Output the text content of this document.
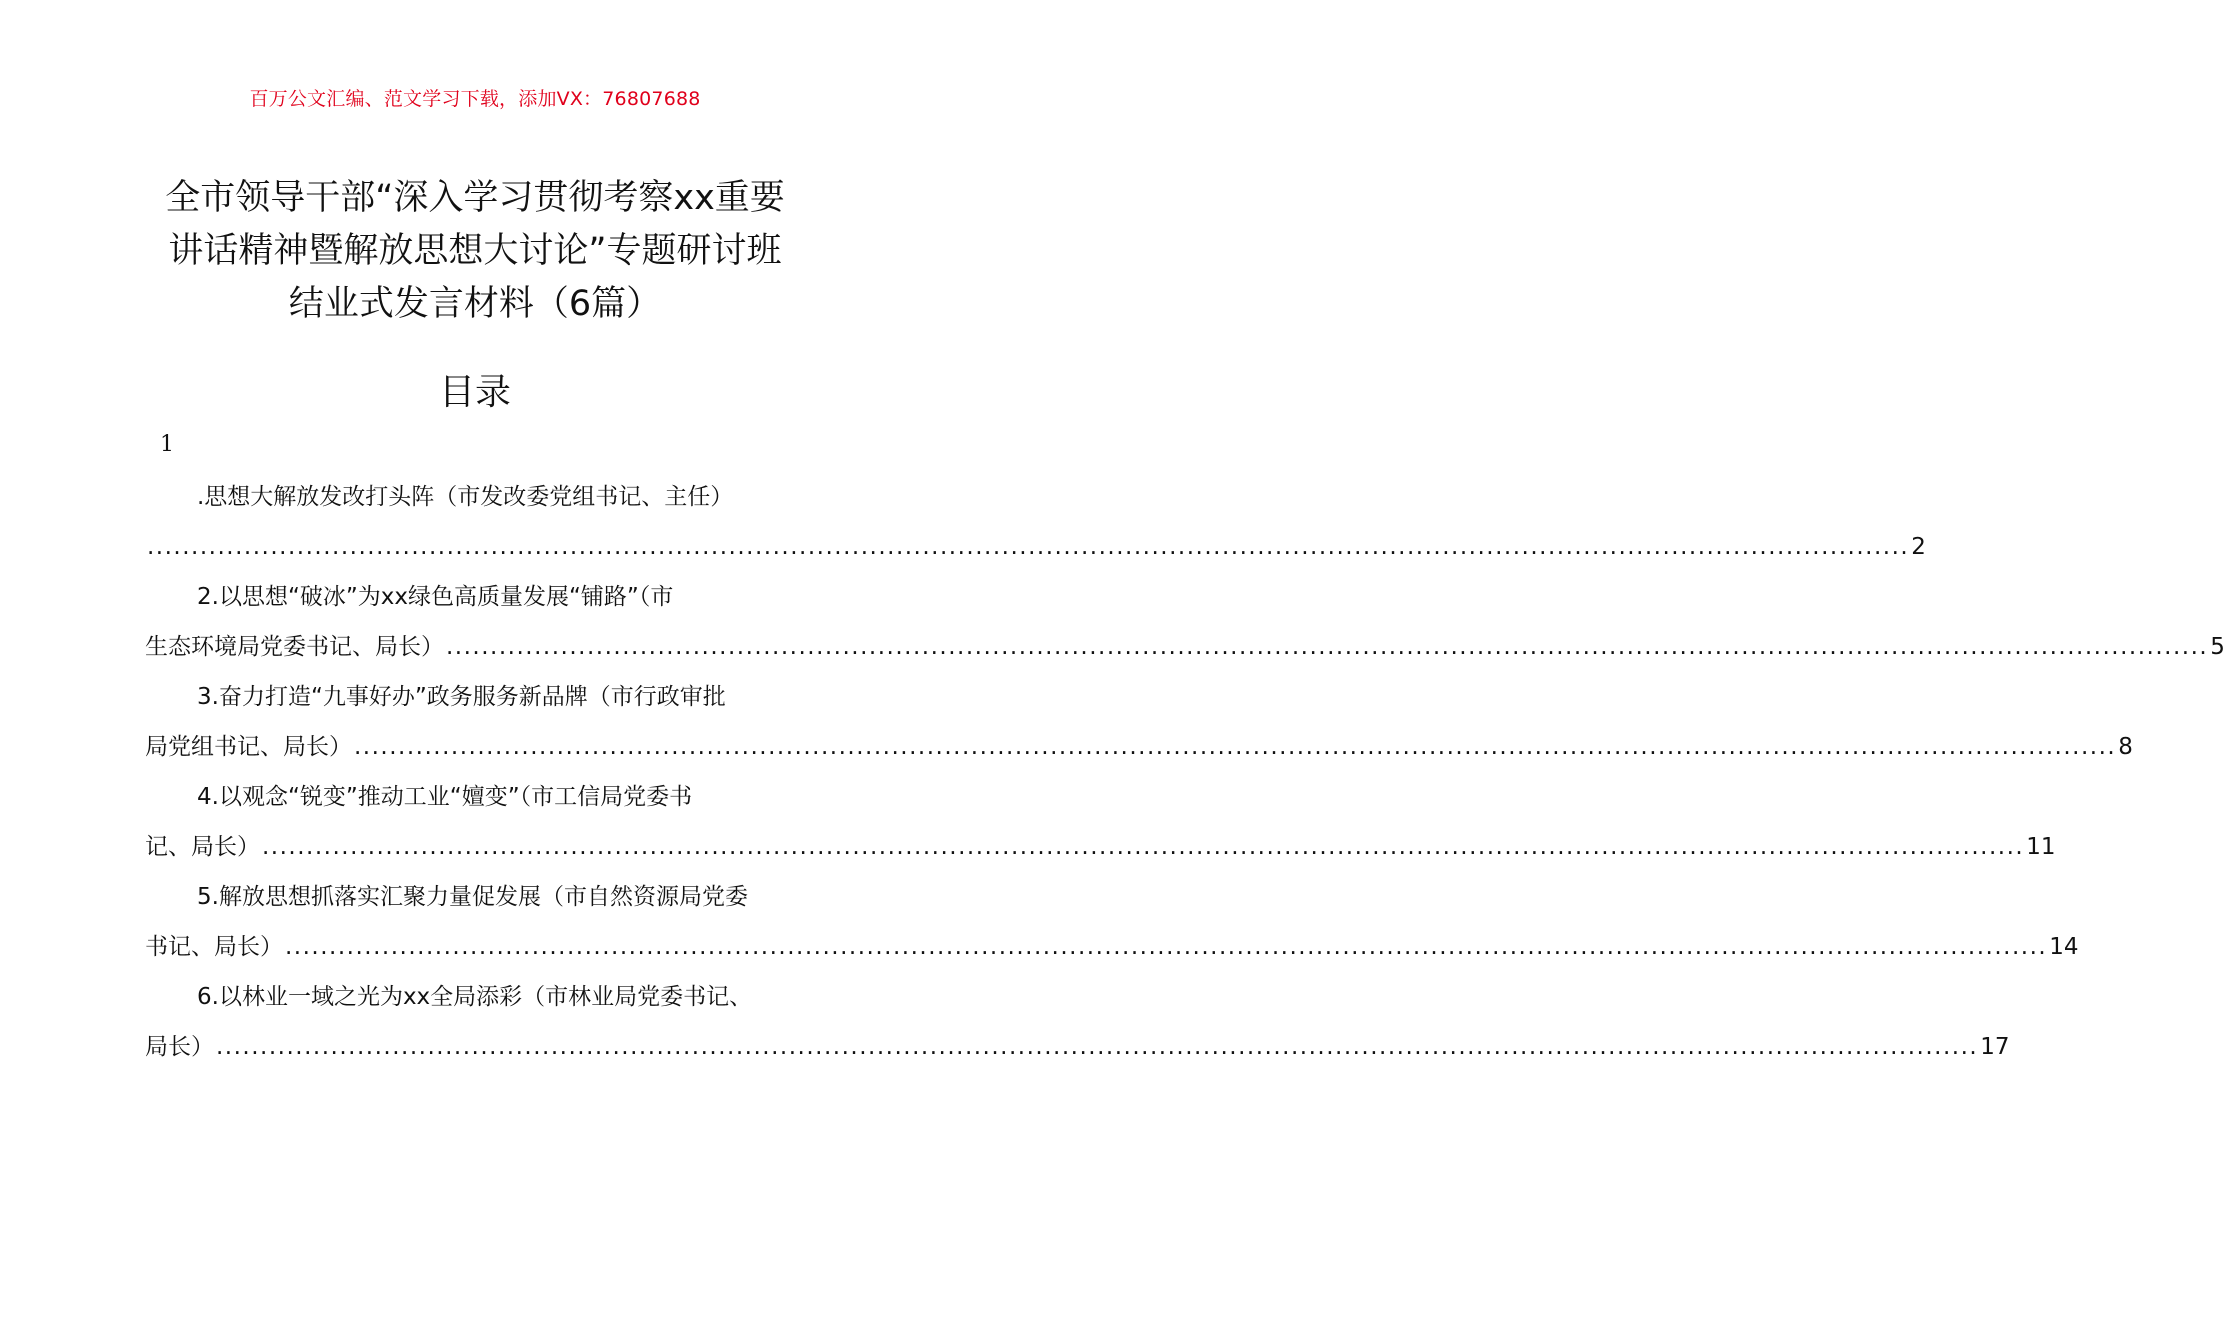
百万公文汇编、范文学习下载，添加VX：76807688
全市领导干部“深入学习贯彻考察xx重要
讲话精神暨解放思想大讨论”专题研讨班
结业式发言材料（6篇）
目录
1
.思想大解放发改打头阵（市发改委党组书记、主任）
........................................................................................................................................................................................................ 2
2.以思想“破冰”为xx绿色高质量发展“铺路”（市
生态环境局党委书记、局长） ........................................................................................................................................................................................................ 5
3.奋力打造“九事好办”政务服务新品牌（市行政审批
局党组书记、局长） ........................................................................................................................................................................................................ 8
4.以观念“锐变”推动工业“嬗变”（市工信局党委书
记、局长） ........................................................................................................................................................................................................ 11
5.解放思想抓落实汇聚力量促发展（市自然资源局党委
书记、局长） ........................................................................................................................................................................................................ 14
6.以林业一域之光为xx全局添彩（市林业局党委书记、
局长） ........................................................................................................................................................................................................ 17
